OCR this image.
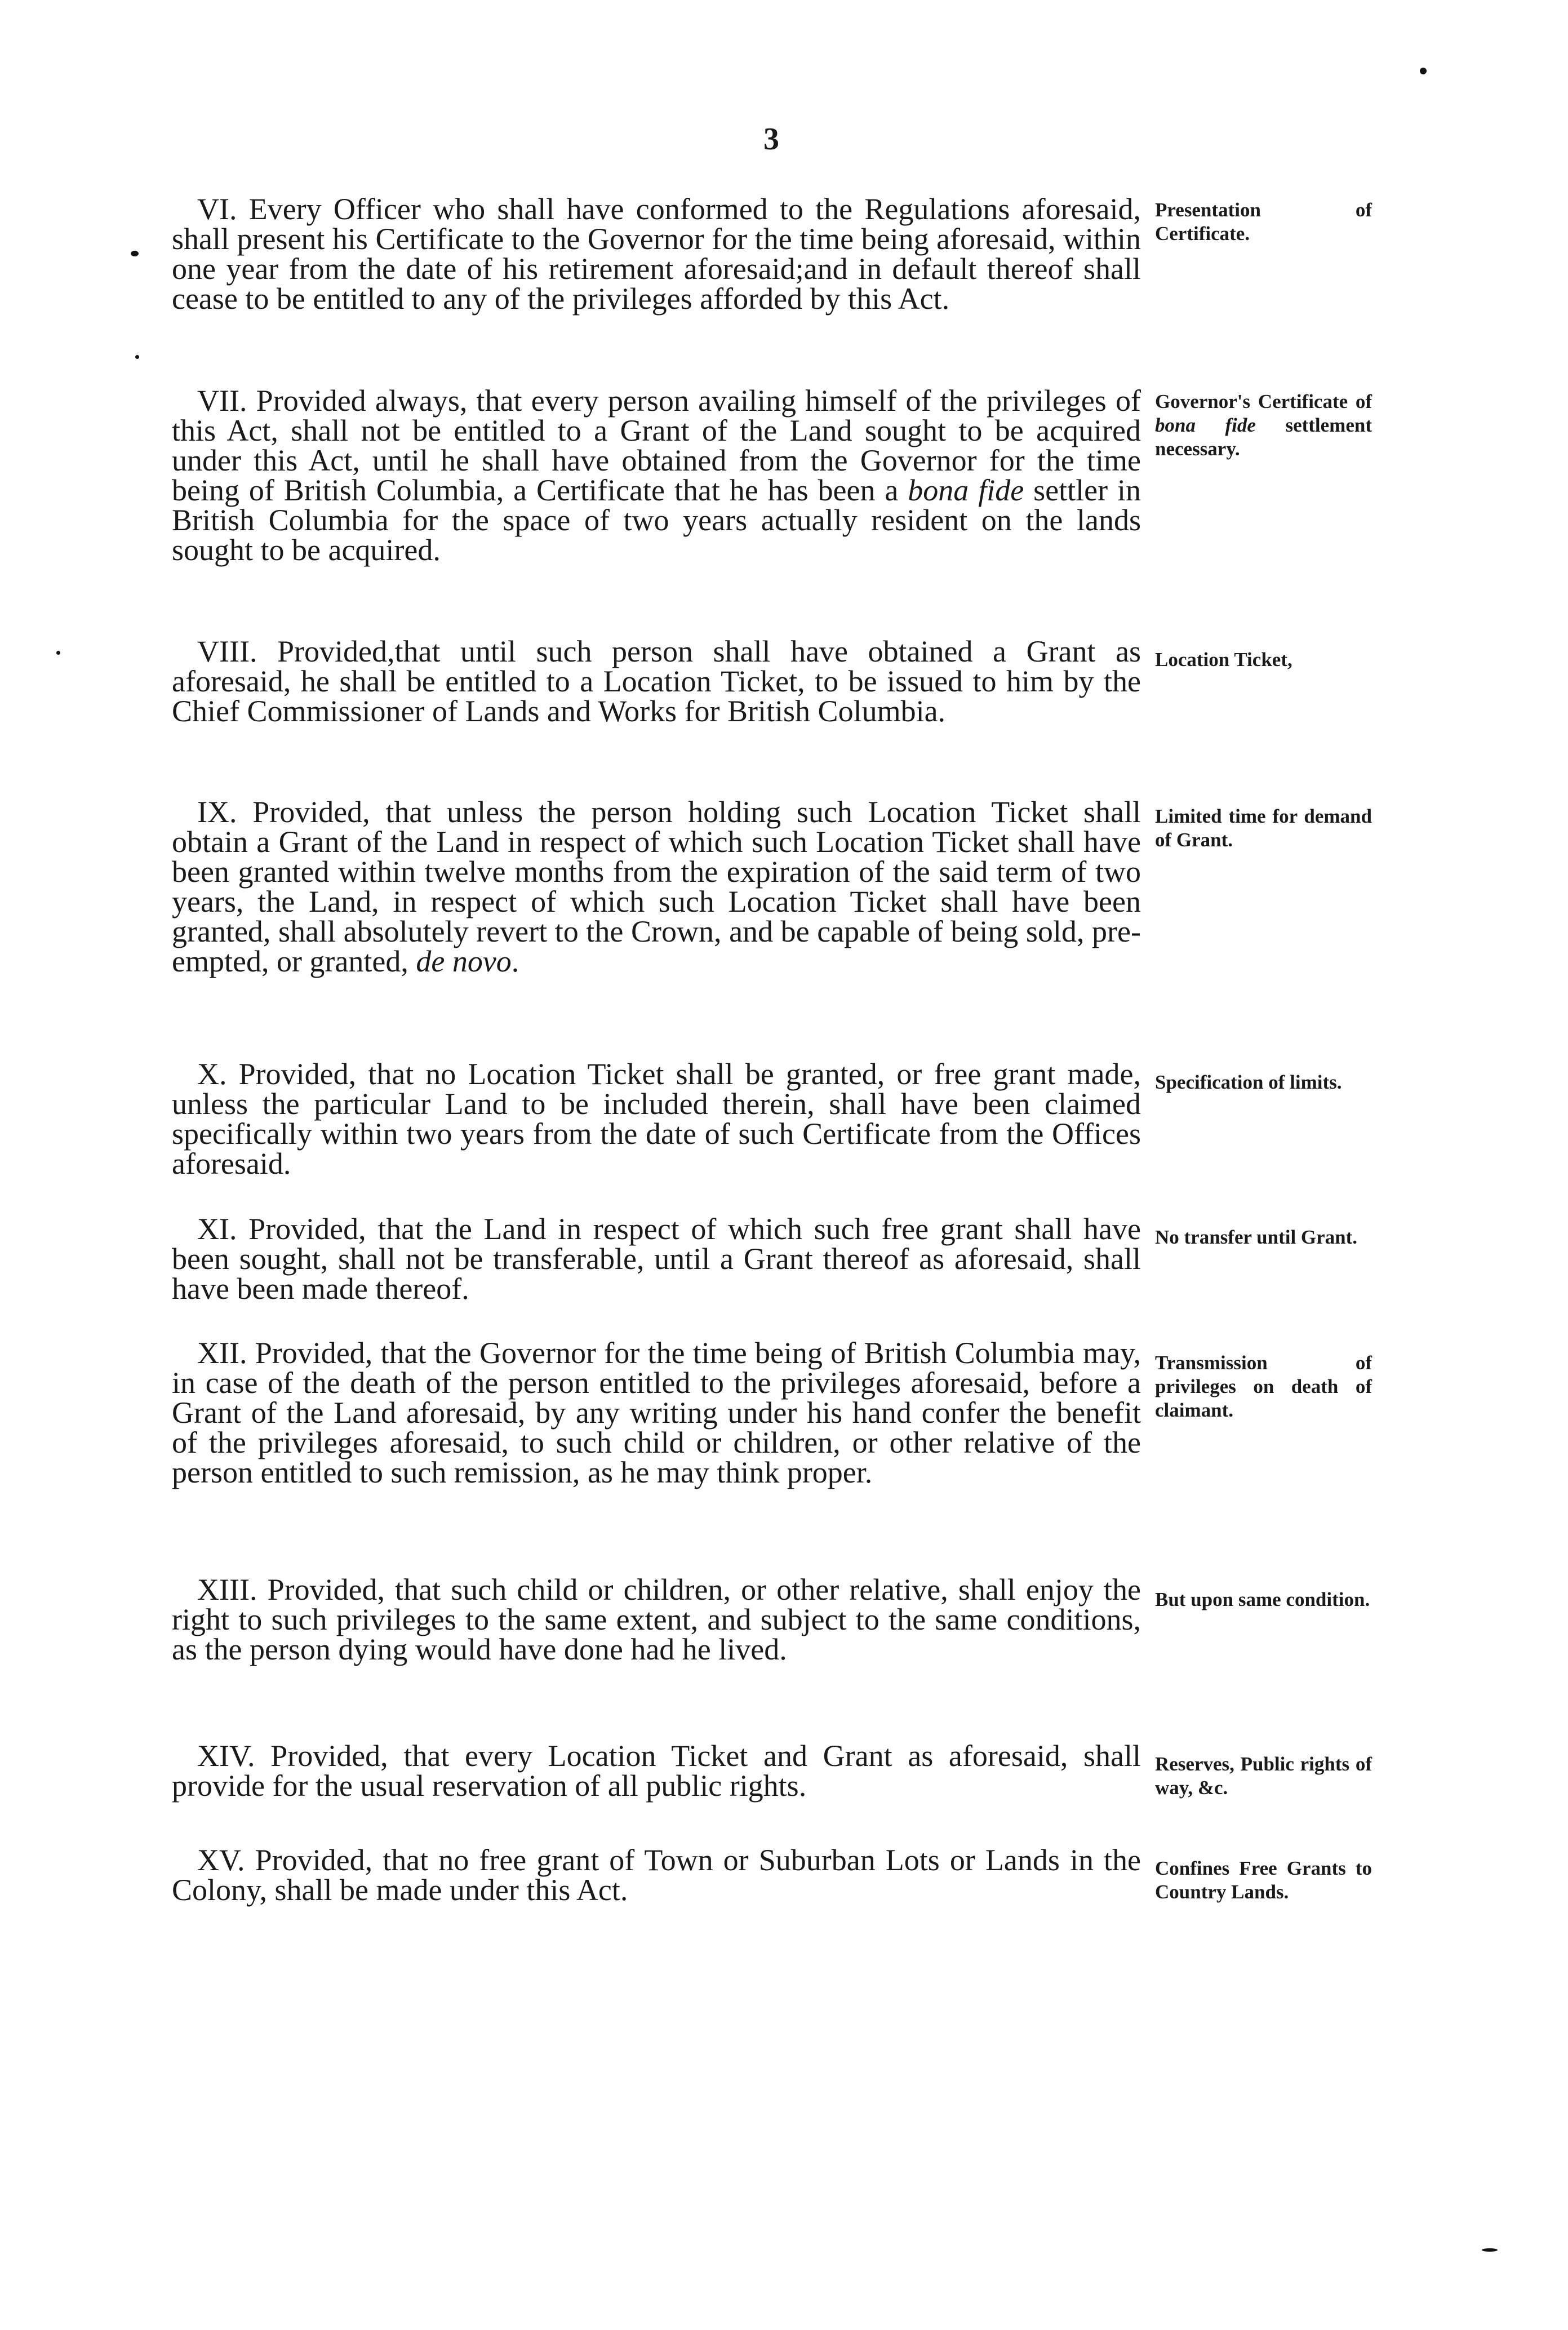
3

VI. Every Officer who shall have conformed to the Regulations aforesaid, shall present his Certificate to the Governor for the time being aforesaid, within one year from the date of his retirement aforesaid;and in default thereof shall cease to be entitled to any of the privileges afforded by this Act.

Presentation of Certificate.

VII. Provided always, that every person availing himself of the privileges of this Act, shall not be entitled to a Grant of the Land sought to be acquired under this Act, until he shall have obtained from the Governor for the time being of British Columbia, a Certificate that he has been a bona fide settler in British Columbia for the space of two years actually resident on the lands sought to be acquired.

Governor's Certificate of bona fide settlement necessary.

VIII. Provided,that until such person shall have obtained a Grant as aforesaid, he shall be entitled to a Location Ticket, to be issued to him by the Chief Commissioner of Lands and Works for British Columbia.

Location Ticket,

IX. Provided, that unless the person holding such Location Ticket shall obtain a Grant of the Land in respect of which such Location Ticket shall have been granted within twelve months from the expiration of the said term of two years, the Land, in respect of which such Location Ticket shall have been granted, shall absolutely revert to the Crown, and be capable of being sold, pre-empted, or granted, de novo.

Limited time for demand of Grant.

X. Provided, that no Location Ticket shall be granted, or free grant made, unless the particular Land to be included therein, shall have been claimed specifically within two years from the date of such Certificate from the Offices aforesaid.

Specification of limits.

XI. Provided, that the Land in respect of which such free grant shall have been sought, shall not be transferable, until a Grant thereof as aforesaid, shall have been made thereof.

No transfer until Grant.

XII. Provided, that the Governor for the time being of British Columbia may, in case of the death of the person entitled to the privileges aforesaid, before a Grant of the Land aforesaid, by any writing under his hand confer the benefit of the privileges aforesaid, to such child or children, or other relative of the person entitled to such remission, as he may think proper.

Transmission of privileges on death of claimant.

XIII. Provided, that such child or children, or other relative, shall enjoy the right to such privileges to the same extent, and subject to the same conditions, as the person dying would have done had he lived.

But upon same condition.

XIV. Provided, that every Location Ticket and Grant as aforesaid, shall provide for the usual reservation of all public rights.

Reserves, Public rights of way, &c.

XV. Provided, that no free grant of Town or Suburban Lots or Lands in the Colony, shall be made under this Act.

Confines Free Grants to Country Lands.
